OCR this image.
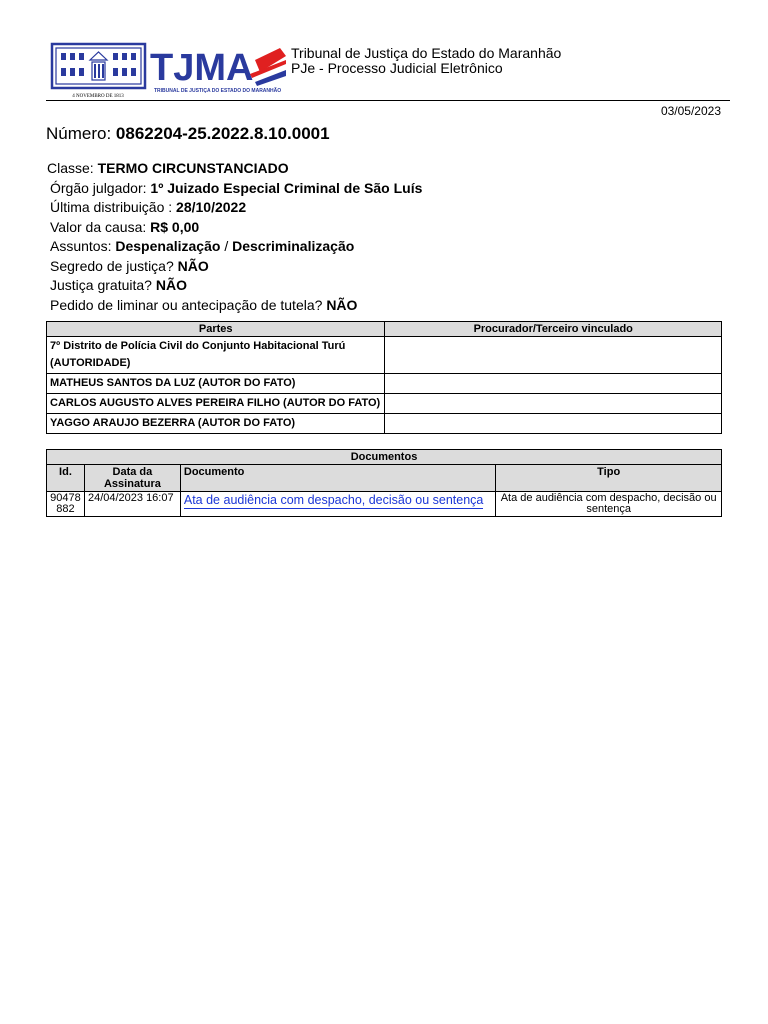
4 NOVEMBRO DE 1813
TJMA
TRIBUNAL DE JUSTIÇA DO ESTADO DO MARANHÃO
Tribunal de Justiça do Estado do Maranhão
PJe - Processo Judicial Eletrônico
03/05/2023
Número: 0862204-25.2022.8.10.0001
Classe: TERMO CIRCUNSTANCIADO
Órgão julgador: 1º Juizado Especial Criminal de São Luís
Última distribuição : 28/10/2022
Valor da causa: R$ 0,00
Assuntos: Despenalização / Descriminalização
Segredo de justiça? NÃO
Justiça gratuita? NÃO
Pedido de liminar ou antecipação de tutela? NÃO
Partes	Procurador/Terceiro vinculado
7º Distrito de Polícia Civil do Conjunto Habitacional Turú (AUTORIDADE)	
MATHEUS SANTOS DA LUZ (AUTOR DO FATO)	
CARLOS AUGUSTO ALVES PEREIRA FILHO (AUTOR DO FATO)	
YAGGO ARAUJO BEZERRA (AUTOR DO FATO)	
Documentos			
Id.	Data da Assinatura	Documento	Tipo
90478882	24/04/2023 16:07	Ata de audiência com despacho, decisão ou sentença	Ata de audiência com despacho, decisão ou sentença
